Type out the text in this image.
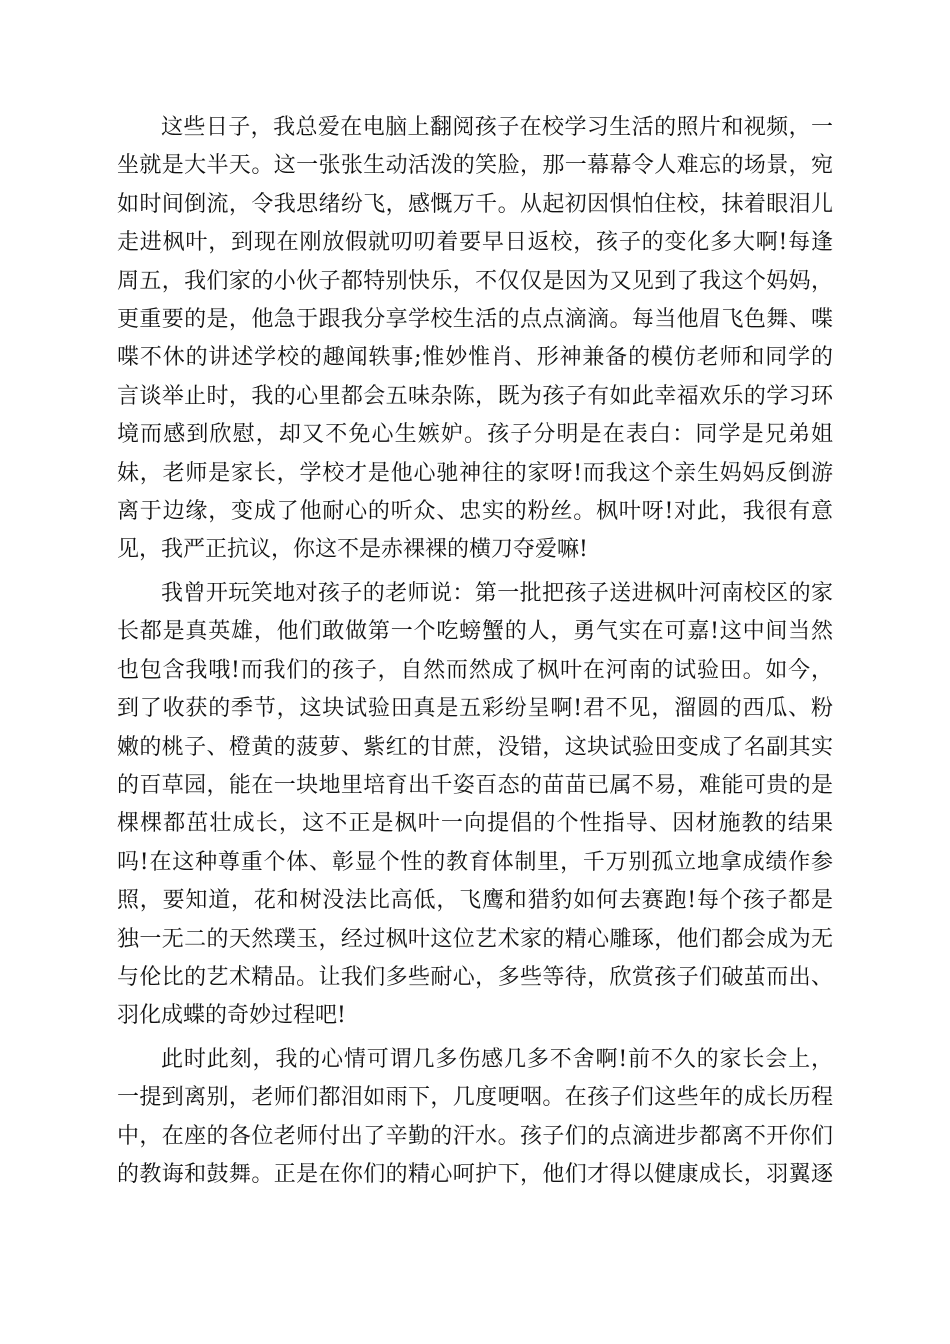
这些日子，我总爱在电脑上翻阅孩子在校学习生活的照片和视频，一
坐就是大半天。这一张张生动活泼的笑脸，那一幕幕令人难忘的场景，宛
如时间倒流，令我思绪纷飞，感慨万千。从起初因惧怕住校，抹着眼泪儿
走进枫叶，到现在刚放假就叨叨着要早日返校，孩子的变化多大啊!每逢
周五，我们家的小伙子都特别快乐，不仅仅是因为又见到了我这个妈妈，
更重要的是，他急于跟我分享学校生活的点点滴滴。每当他眉飞色舞、喋
喋不休的讲述学校的趣闻轶事;惟妙惟肖、形神兼备的模仿老师和同学的
言谈举止时，我的心里都会五味杂陈，既为孩子有如此幸福欢乐的学习环
境而感到欣慰，却又不免心生嫉妒。孩子分明是在表白：同学是兄弟姐
妹，老师是家长，学校才是他心驰神往的家呀!而我这个亲生妈妈反倒游
离于边缘，变成了他耐心的听众、忠实的粉丝。枫叶呀!对此，我很有意
见，我严正抗议，你这不是赤裸裸的横刀夺爱嘛!
我曾开玩笑地对孩子的老师说：第一批把孩子送进枫叶河南校区的家
长都是真英雄，他们敢做第一个吃螃蟹的人，勇气实在可嘉!这中间当然
也包含我哦!而我们的孩子，自然而然成了枫叶在河南的试验田。如今，
到了收获的季节，这块试验田真是五彩纷呈啊!君不见，溜圆的西瓜、粉
嫩的桃子、橙黄的菠萝、紫红的甘蔗，没错，这块试验田变成了名副其实
的百草园，能在一块地里培育出千姿百态的苗苗已属不易，难能可贵的是
棵棵都茁壮成长，这不正是枫叶一向提倡的个性指导、因材施教的结果
吗!在这种尊重个体、彰显个性的教育体制里，千万别孤立地拿成绩作参
照，要知道，花和树没法比高低，飞鹰和猎豹如何去赛跑!每个孩子都是
独一无二的天然璞玉，经过枫叶这位艺术家的精心雕琢，他们都会成为无
与伦比的艺术精品。让我们多些耐心，多些等待，欣赏孩子们破茧而出、
羽化成蝶的奇妙过程吧!
此时此刻，我的心情可谓几多伤感几多不舍啊!前不久的家长会上，
一提到离别，老师们都泪如雨下，几度哽咽。在孩子们这些年的成长历程
中，在座的各位老师付出了辛勤的汗水。孩子们的点滴进步都离不开你们
的教诲和鼓舞。正是在你们的精心呵护下，他们才得以健康成长，羽翼逐
